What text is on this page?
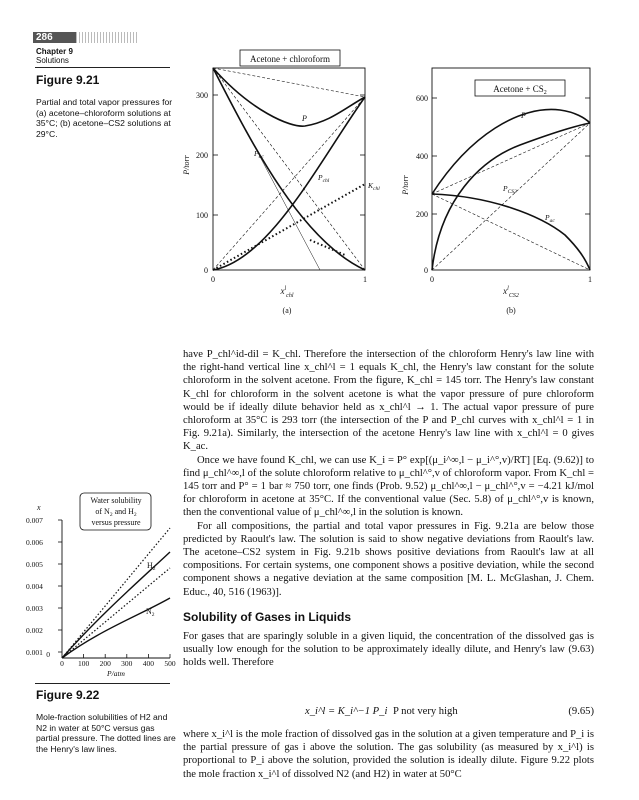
286
Chapter 9
Solutions
Figure 9.21
Partial and total vapor pressures for (a) acetone–chloroform solutions at 35°C; (b) acetone–CS2 solutions at 29°C.
Acetone + chloroform
300
200
100
0
P/torr
0	1
$x^l_{chl}$
(a)
P
$P_{ac}$
$P_{chl}$	$K_{chl}$
Acetone + $CS_2$
600
400
200
0
P/torr
0	1
$x^l_{CS2}$
(b)
P
$P_{CS2}$
$P_{ac}$
x
Water solubility
of $N_2$ and $H_2$
versus pressure
0.007
0.006
0.005
0.004
0.003
0.002
0.001 0
0 100 200 300 400 500
P/atm
$H_2$
$N_2$
Figure 9.22
Mole-fraction solubilities of H2 and N2 in water at 50°C versus gas partial pressure. The dotted lines are the Henry's law lines.

have P_chl^id-dil = K_chl. Therefore the intersection of the chloroform Henry's law line with the right-hand vertical line x_chl^l = 1 equals K_chl, the Henry's law constant for the solute chloroform in the solvent acetone. From the figure, K_chl = 145 torr. The Henry's law constant K_chl for chloroform in the solvent acetone is what the vapor pressure of pure chloroform would be if ideally dilute behavior held as x_chl^l → 1. The actual vapor pressure of pure chloroform at 35°C is 293 torr (the intersection of the P and P_chl curves with x_chl^l = 1 in Fig. 9.21a). Similarly, the intersection of the acetone Henry's law line with x_chl^l = 0 gives K_ac.

Once we have found K_chl, we can use K_i = P° exp[(μ_i^∞,l − μ_i^°,v)/RT] [Eq. (9.62)] to find μ_chl^∞,l of the solute chloroform relative to μ_chl^°,v of chloroform vapor. From K_chl = 145 torr and P° = 1 bar ≈ 750 torr, one finds (Prob. 9.52) μ_chl^∞,l − μ_chl^°,v = −4.21 kJ/mol for chloroform in acetone at 35°C. If the conventional value (Sec. 5.8) of μ_chl^°,v is known, then the conventional value of μ_chl^∞,l in the solution is known.

For all compositions, the partial and total vapor pressures in Fig. 9.21a are below those predicted by Raoult's law. The solution is said to show negative deviations from Raoult's law. The acetone–CS2 system in Fig. 9.21b shows positive deviations from Raoult's law at all compositions. For certain systems, one component shows a positive deviation, while the second component shows a negative deviation at the same composition [M. L. McGlashan, J. Chem. Educ., 40, 516 (1963)].

Solubility of Gases in Liquids

For gases that are sparingly soluble in a given liquid, the concentration of the dissolved gas is usually low enough for the solution to be approximately ideally dilute, and Henry's law (9.63) holds well. Therefore

x_i^l = K_i^−1 P_i P not very high	(9.65)

where x_i^l is the mole fraction of dissolved gas in the solution at a given temperature and P_i is the partial pressure of gas i above the solution. The gas solubility (as measured by x_i^l) is proportional to P_i above the solution, provided the solution is ideally dilute. Figure 9.22 plots the mole fraction x_i^l of dissolved N2 (and H2) in water at 50°C
